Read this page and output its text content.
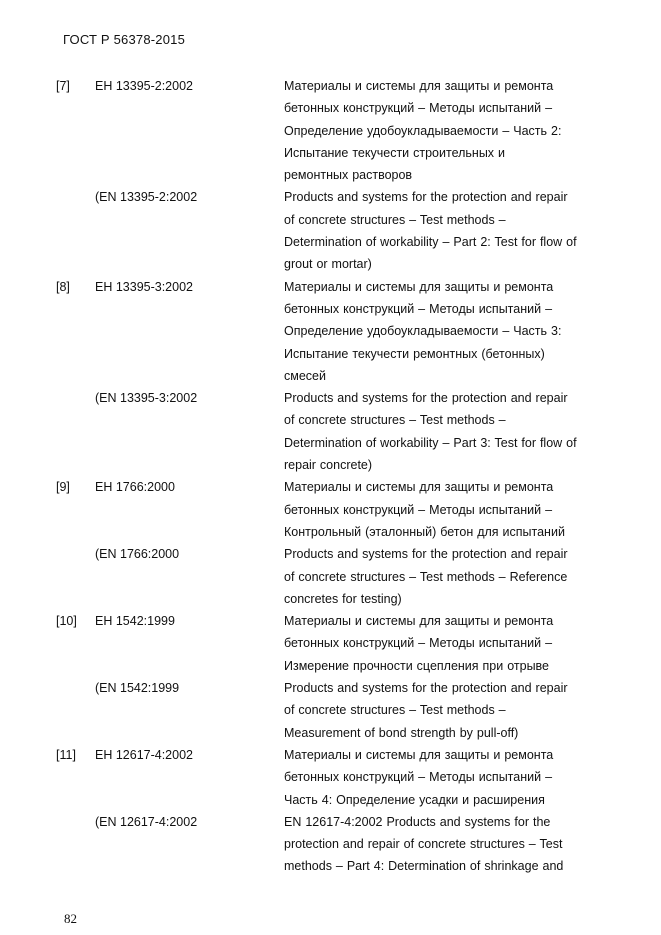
ГОСТ Р 56378-2015
[7]	ЕН 13395-2:2002	Материалы и системы для защиты и ремонта
бетонных конструкций – Методы испытаний –
Определение удобоукладываемости – Часть 2:
Испытание текучести строительных и
ремонтных растворов
(EN 13395-2:2002	Products and systems for the protection and repair
of concrete structures – Test methods –
Determination of workability – Part 2: Test for flow of
grout or mortar)
[8]	ЕН 13395-3:2002	Материалы и системы для защиты и ремонта
бетонных конструкций – Методы испытаний –
Определение удобоукладываемости – Часть 3:
Испытание текучести ремонтных (бетонных)
смесей
(EN 13395-3:2002	Products and systems for the protection and repair
of concrete structures – Test methods –
Determination of workability – Part 3: Test for flow of
repair concrete)
[9]	ЕН 1766:2000	Материалы и системы для защиты и ремонта
бетонных конструкций – Методы испытаний –
Контрольный (эталонный) бетон для испытаний
(EN 1766:2000	Products and systems for the protection and repair
of concrete structures – Test methods – Reference
concretes for testing)
[10]	ЕН 1542:1999	Материалы и системы для защиты и ремонта
бетонных конструкций – Методы испытаний –
Измерение прочности сцепления при отрыве
(EN 1542:1999	Products and systems for the protection and repair
of concrete structures – Test methods –
Measurement of bond strength by pull-off)
[11]	ЕН 12617-4:2002	Материалы и системы для защиты и ремонта
бетонных конструкций – Методы испытаний –
Часть 4: Определение усадки и расширения
(EN 12617-4:2002	EN 12617-4:2002 Products and systems for the
protection and repair of concrete structures – Test
methods – Part 4: Determination of shrinkage and
82
